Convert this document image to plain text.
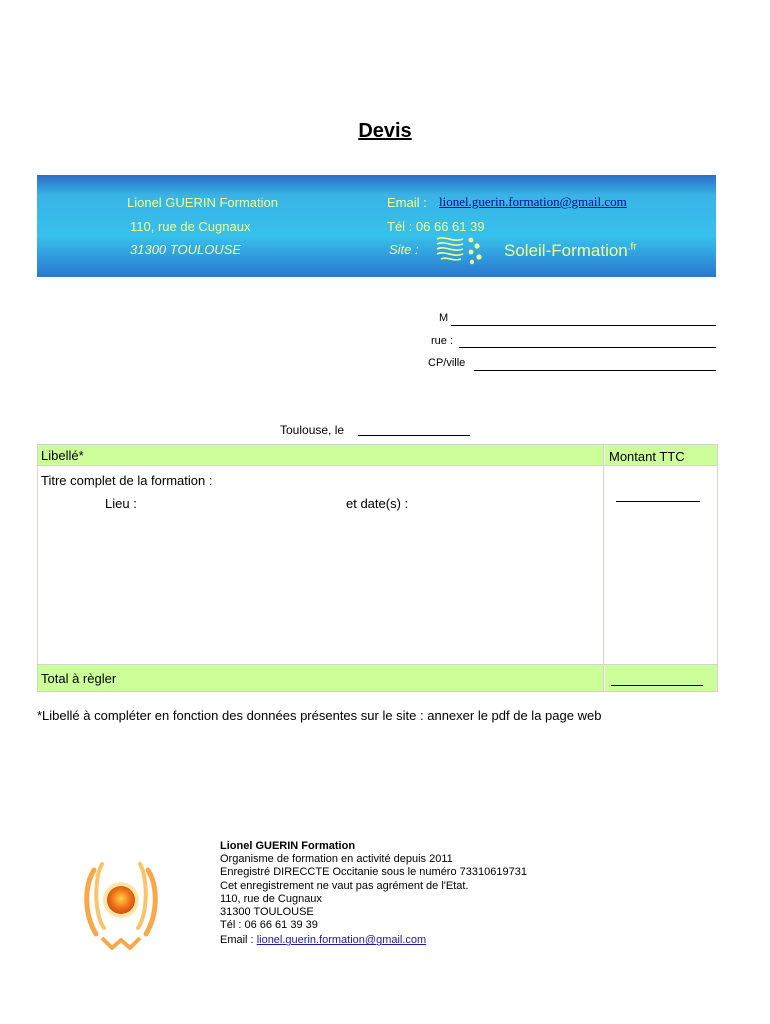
Devis
Lionel GUERIN Formation
110, rue de Cugnaux
31300 TOULOUSE
Email : lionel.guerin.formation@gmail.com
Tél : 06 66 61 39
Site :	Soleil-Formation$^{.fr}$
M
rue :
CP/ville
Toulouse, le
Libellé*	Montant TTC
Titre complet de la formation :
Lieu :	et date(s) :
Total à règler
*Libellé à compléter en fonction des données présentes sur le site : annexer le pdf de la page web
Lionel GUERIN Formation
Organisme de formation en activité depuis 2011
Enregistré DIRECCTE Occitanie sous le numéro 73310619731
Cet enregistrement ne vaut pas agrément de l'Etat.
110, rue de Cugnaux
31300 TOULOUSE
Tél : 06 66 61 39 39
Email : lionel.guerin.formation@gmail.com
